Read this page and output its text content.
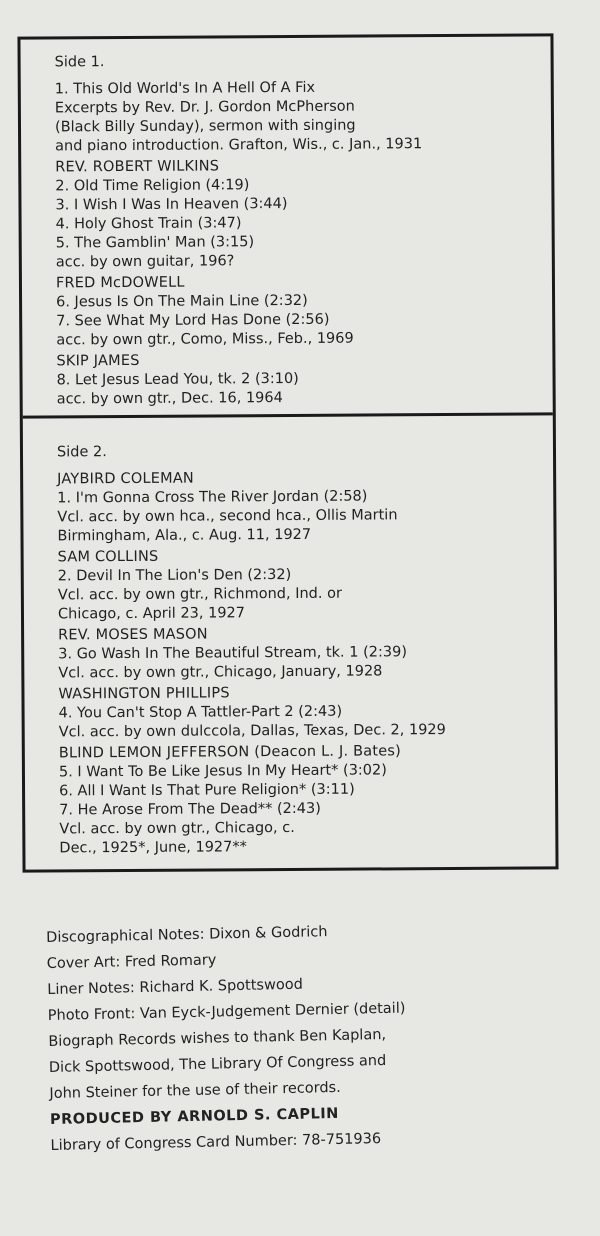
Side 1.
1. This Old World's In A Hell Of A Fix
Excerpts by Rev. Dr. J. Gordon McPherson
(Black Billy Sunday), sermon with singing
and piano introduction. Grafton, Wis., c. Jan., 1931
REV. ROBERT WILKINS
2. Old Time Religion (4:19)
3. I Wish I Was In Heaven (3:44)
4. Holy Ghost Train (3:47)
5. The Gamblin' Man (3:15)
acc. by own guitar, 196?
FRED McDOWELL
6. Jesus Is On The Main Line (2:32)
7. See What My Lord Has Done (2:56)
acc. by own gtr., Como, Miss., Feb., 1969
SKIP JAMES
8. Let Jesus Lead You, tk. 2 (3:10)
acc. by own gtr., Dec. 16, 1964
Side 2.
JAYBIRD COLEMAN
1. I'm Gonna Cross The River Jordan (2:58)
Vcl. acc. by own hca., second hca., Ollis Martin
Birmingham, Ala., c. Aug. 11, 1927
SAM COLLINS
2. Devil In The Lion's Den (2:32)
Vcl. acc. by own gtr., Richmond, Ind. or
Chicago, c. April 23, 1927
REV. MOSES MASON
3. Go Wash In The Beautiful Stream, tk. 1 (2:39)
Vcl. acc. by own gtr., Chicago, January, 1928
WASHINGTON PHILLIPS
4. You Can't Stop A Tattler-Part 2 (2:43)
Vcl. acc. by own dulccola, Dallas, Texas, Dec. 2, 1929
BLIND LEMON JEFFERSON (Deacon L. J. Bates)
5. I Want To Be Like Jesus In My Heart* (3:02)
6. All I Want Is That Pure Religion* (3:11)
7. He Arose From The Dead** (2:43)
Vcl. acc. by own gtr., Chicago, c.
Dec., 1925*, June, 1927**
Discographical Notes: Dixon & Godrich
Cover Art: Fred Romary
Liner Notes: Richard K. Spottswood
Photo Front: Van Eyck-Judgement Dernier (detail)
Biograph Records wishes to thank Ben Kaplan,
Dick Spottswood, The Library Of Congress and
John Steiner for the use of their records.
PRODUCED BY ARNOLD S. CAPLIN
Library of Congress Card Number: 78-751936
